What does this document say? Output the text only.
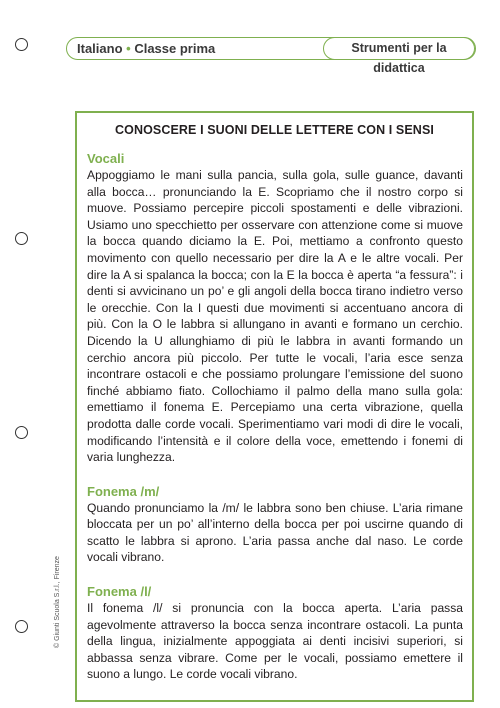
Italiano • Classe prima	Strumenti per la didattica
CONOSCERE I SUONI DELLE LETTERE CON I SENSI
Vocali
Appoggiamo le mani sulla pancia, sulla gola, sulle guance, davanti alla bocca… pronunciando la E. Scopriamo che il nostro corpo si muove. Possiamo percepire piccoli spostamenti e delle vibrazioni. Usiamo uno specchietto per osservare con attenzione come si muove la bocca quando diciamo la E. Poi, mettiamo a confronto questo movimento con quello necessario per dire la A e le altre vocali. Per dire la A si spalanca la bocca; con la E la bocca è aperta “a fessura”: i denti si avvicinano un po’ e gli angoli della bocca tirano indietro verso le orecchie. Con la I questi due movimenti si accentuano ancora di più. Con la O le labbra si allungano in avanti e formano un cerchio. Dicendo la U allunghiamo di più le labbra in avanti formando un cerchio ancora più piccolo. Per tutte le vocali, l’aria esce senza incontrare ostacoli e che possiamo prolungare l’emissione del suono finché abbiamo fiato. Collochiamo il palmo della mano sulla gola: emettiamo il fonema E. Percepiamo una certa vibrazione, quella prodotta dalle corde vocali. Sperimentiamo vari modi di dire le vocali, modificando l’intensità e il colore della voce, emettendo i fonemi di varia lunghezza.
Fonema /m/
Quando pronunciamo la /m/ le labbra sono ben chiuse. L’aria rimane bloccata per un po’ all’interno della bocca per poi uscirne quando di scatto le labbra si aprono. L’aria passa anche dal naso. Le corde vocali vibrano.
Fonema /l/
Il fonema /l/ si pronuncia con la bocca aperta. L’aria passa agevolmente attraverso la bocca senza incontrare ostacoli. La punta della lingua, inizialmente appoggiata ai denti incisivi superiori, si abbassa senza vibrare. Come per le vocali, possiamo emettere il suono a lungo. Le corde vocali vibrano.
© Giunti Scuola S.r.l., Firenze
